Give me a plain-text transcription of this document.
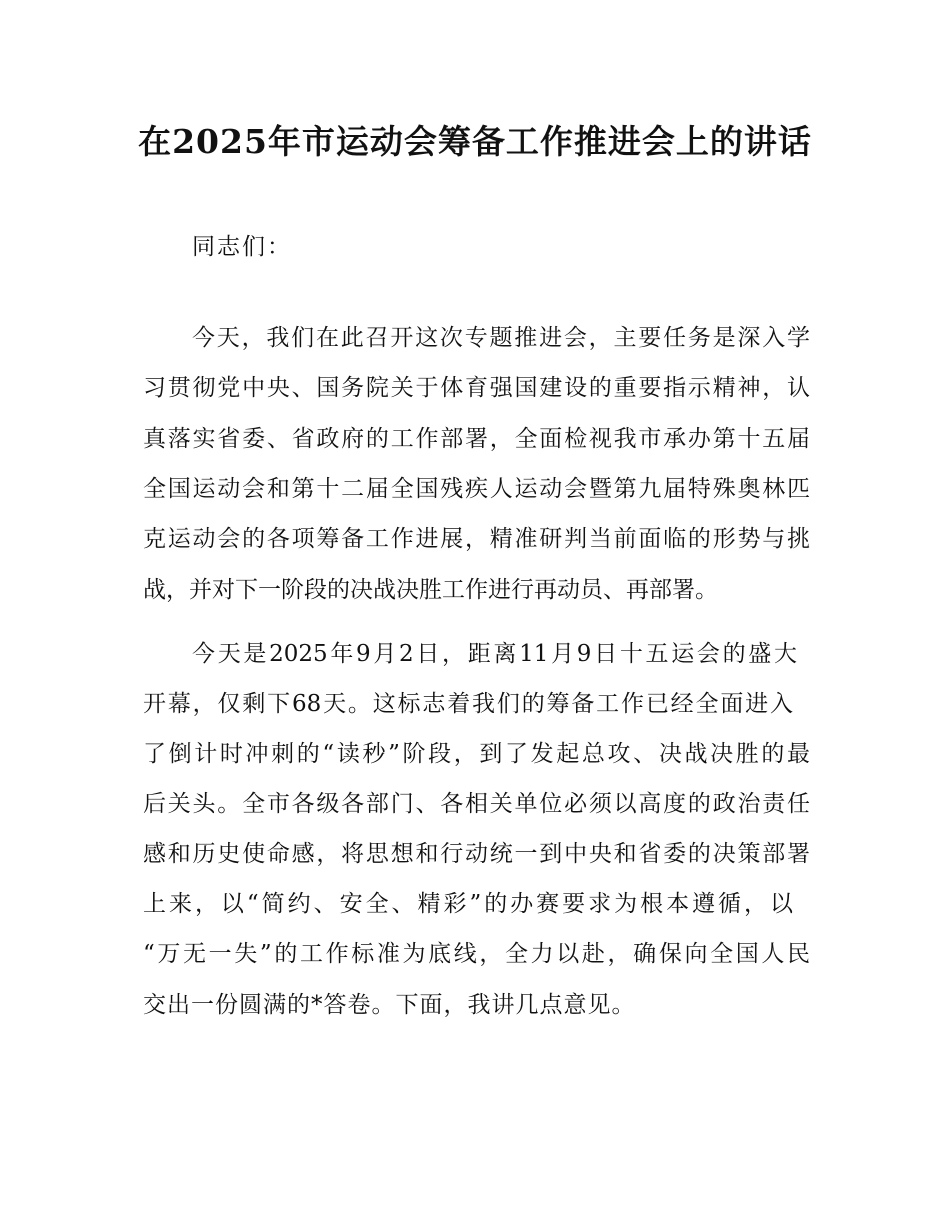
在2025年市运动会筹备工作推进会上的讲话
同志们：
今天，我们在此召开这次专题推进会，主要任务是深入学
习贯彻党中央、国务院关于体育强国建设的重要指示精神，认
真落实省委、省政府的工作部署，全面检视我市承办第十五届
全国运动会和第十二届全国残疾人运动会暨第九届特殊奥林匹
克运动会的各项筹备工作进展，精准研判当前面临的形势与挑
战，并对下一阶段的决战决胜工作进行再动员、再部署。
今天是2025年9月2日，距离11月9日十五运会的盛大
开幕，仅剩下68天。这标志着我们的筹备工作已经全面进入
了倒计时冲刺的“读秒”阶段，到了发起总攻、决战决胜的最
后关头。全市各级各部门、各相关单位必须以高度的政治责任
感和历史使命感，将思想和行动统一到中央和省委的决策部署
上来，以“简约、安全、精彩”的办赛要求为根本遵循，以
“万无一失”的工作标准为底线，全力以赴，确保向全国人民
交出一份圆满的*答卷。下面，我讲几点意见。
